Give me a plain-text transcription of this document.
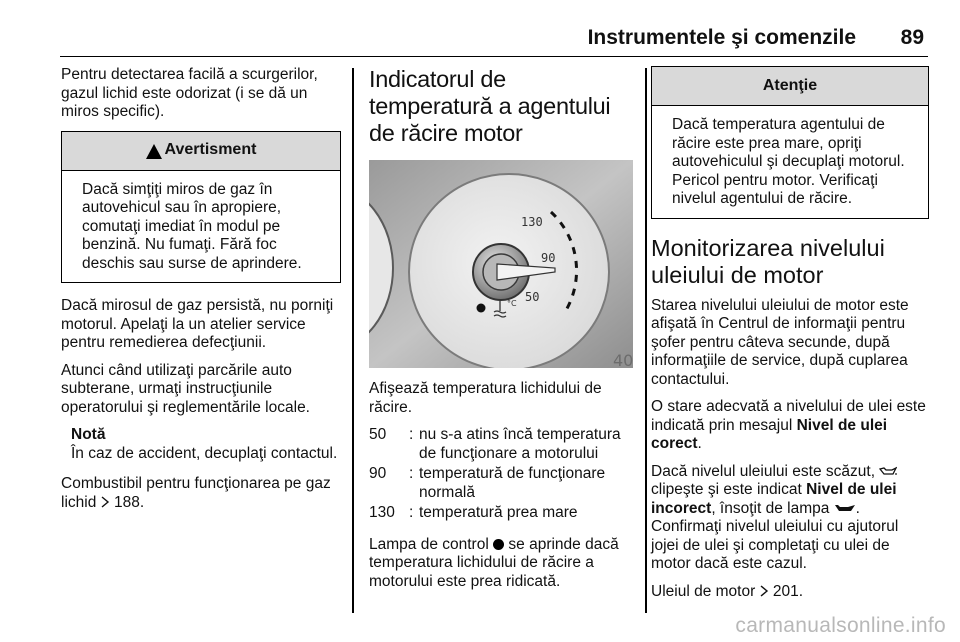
Instrumentele şi comenzile 89

Pentru detectarea facilă a scurgerilor, gazul lichid este odorizat (i se dă un miros specific).

Avertisment
Dacă simţiţi miros de gaz în autovehicul sau în apropiere, comutaţi imediat în modul pe benzină. Nu fumaţi. Fără foc deschis sau surse de aprindere.

Dacă mirosul de gaz persistă, nu porniţi motorul. Apelaţi la un atelier service pentru remedierea defecţiunii.

Atunci când utilizaţi parcările auto subterane, urmaţi instrucţiunile operatorului şi reglementările locale.

Notă
În caz de accident, decuplaţi contactul.

Combustibil pentru funcţionarea pe gaz lichid 188.

Indicatorul de temperatură a agentului de răcire motor
130
90
50
°C
40

Afişează temperatura lichidului de răcire.

50	:	nu s-a atins încă temperatura de funcţionare a motorului
90	:	temperatură de funcţionare normală
130	:	temperatură prea mare

Lampa de control se aprinde dacă temperatura lichidului de răcire a motorului este prea ridicată.

Atenţie
Dacă temperatura agentului de răcire este prea mare, opriţi autovehiculul şi decuplaţi motorul. Pericol pentru motor. Verificaţi nivelul agentului de răcire.
Monitorizarea nivelului uleiului de motor

Starea nivelului uleiului de motor este afişată în Centrul de informaţii pentru şofer pentru câteva secunde, după informaţiile de service, după cuplarea contactului.

O stare adecvată a nivelului de ulei este indicată prin mesajul Nivel de ulei corect.

Dacă nivelul uleiului este scăzut,  clipeşte şi este indicat Nivel de ulei incorect, însoţit de lampa . Confirmaţi nivelul uleiului cu ajutorul jojei de ulei şi completaţi cu ulei de motor dacă este cazul.

Uleiul de motor 201.

carmanualsonline.info
